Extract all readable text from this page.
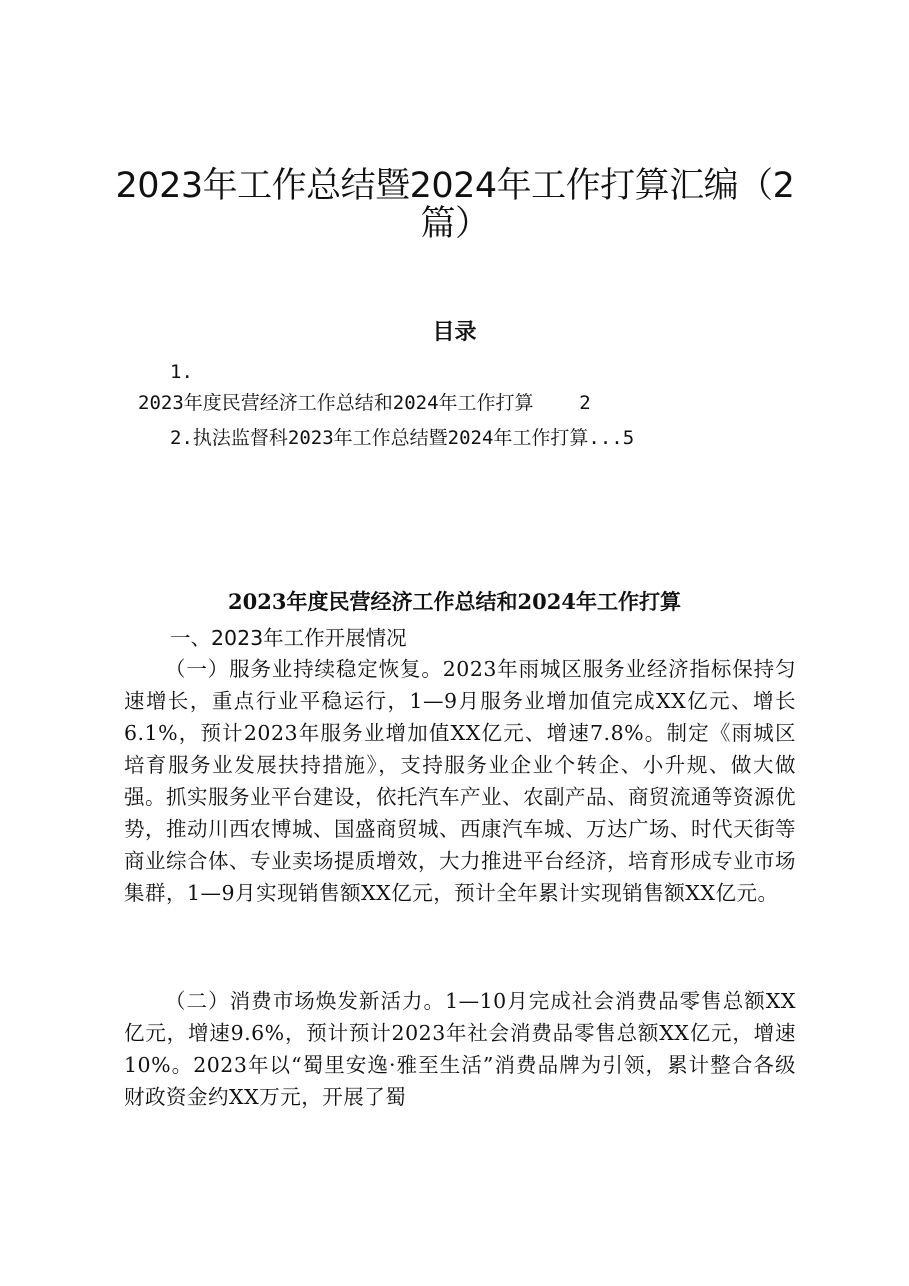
2023年工作总结暨2024年工作打算汇编（2
篇）
目录
1.
2023年度民营经济工作总结和2024年工作打算    2
2.执法监督科2023年工作总结暨2024年工作打算...5
2023年度民营经济工作总结和2024年工作打算
一、2023年工作开展情况

（一）服务业持续稳定恢复。2023年雨城区服务业经济指标保持匀速增长，重点行业平稳运行，1—9月服务业增加值完成XX亿元、增长6.1%，预计2023年服务业增加值XX亿元、增速7.8%。制定《雨城区培育服务业发展扶持措施》，支持服务业企业个转企、小升规、做大做强。抓实服务业平台建设，依托汽车产业、农副产品、商贸流通等资源优势，推动川西农博城、国盛商贸城、西康汽车城、万达广场、时代天街等商业综合体、专业卖场提质增效，大力推进平台经济，培育形成专业市场集群，1—9月实现销售额XX亿元，预计全年累计实现销售额XX亿元。

（二）消费市场焕发新活力。1—10月完成社会消费品零售总额XX亿元，增速9.6%，预计预计2023年社会消费品零售总额XX亿元，增速10%。2023年以“蜀里安逸·雅至生活”消费品牌为引领，累计整合各级财政资金约XX万元，开展了蜀
